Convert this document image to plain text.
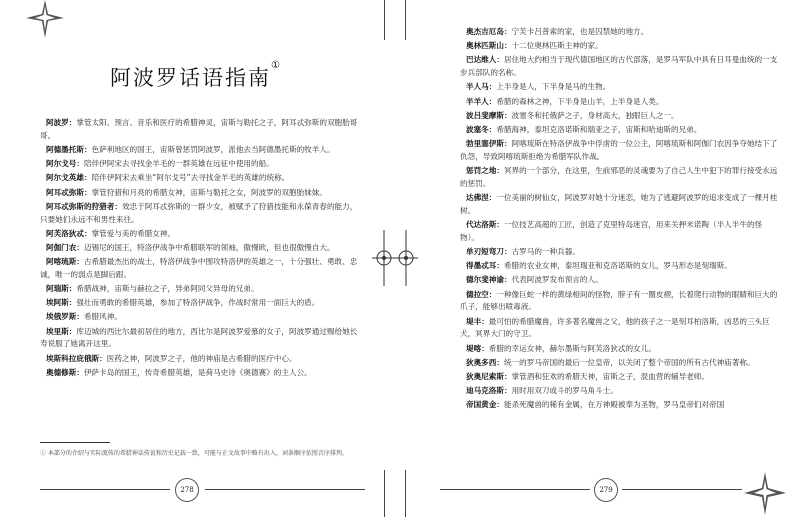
阿波罗话语指南①

阿波罗：掌管太阳、预言、音乐和医疗的希腊神灵，宙斯与勒托之子，阿耳忒弥斯的双胞胎哥哥。

阿德墨托斯：色萨利地区的国王，宙斯曾惩罚阿波罗，派他去当阿德墨托斯的牧羊人。

阿尔戈号：陪伴伊阿宋去寻找金羊毛的一群英雄在远征中使用的船。

阿尔戈英雄：陪伴伊阿宋去乘坐“阿尔戈号”去寻找金羊毛的英雄的统称。

阿耳忒弥斯：掌管狩猎和月亮的希腊女神，宙斯与勒托之女，阿波罗的双胞胎妹妹。

阿耳忒弥斯的狩猎者：效忠于阿耳忒弥斯的一群少女，被赋予了狩猎技能和永葆青春的能力，只要她们永远不和男性来往。

阿芙洛狄忒：掌管爱与美的希腊女神。

阿伽门农：迈锡尼的国王，特洛伊战争中希腊联军的领袖，傲慢欧，但也很傲慢自大。

阿喀琉斯：古希腊最杰出的战士，特洛伊战争中围攻特洛伊的英雄之一，十分强壮、勇敢、忠诚，唯一的弱点是脚后跟。

阿瑞斯：希腊战神，宙斯与赫拉之子，异弟阿同父异母的兄弟。

埃阿斯：强壮而勇敢的希腊英雄，参加了特洛伊战争，作战时常用一面巨大的盾。

埃俄罗斯：希腊风神。

埃里斯：库迈城的西比尔最初居住的地方，西比尔是阿波罗爱慕的女子，阿波罗通过赐给她长寿说服了她离开这里。

埃斯科拉庇俄斯：医药之神，阿波罗之子，他的神庙是古希腊的医疗中心。

奥德修斯：伊萨卡岛的国王，传奇希腊英雄，是荷马史诗《奥德赛》的主人公。

① 本部分的介绍与实际流传的希腊神话传说和历史记载一致，可能与正文故事中略有出入，词条顺序依照音序排列。
278

奥杰吉厄岛：宁芙卡吕普索的家，也是囚禁她的地方。

奥林匹斯山：十二位奥林匹斯主神的家。

巴达维人：居住地大约相当于现代德国地区的古代部落，是罗马军队中具有日耳曼血统的一支步兵部队的名称。

半人马：上半身是人，下半身是马的生物。

半羊人：希腊的森林之神，下半身是山羊，上半身是人类。

波吕斐摩斯：波塞冬和托俄萨之子，身材高大，独眼巨人之一。

波塞冬：希腊海神，泰坦克洛诺斯和瑞亚之子，宙斯和哈迪斯的兄弟。

勃里塞伊斯：阿喀琉斯在特洛伊战争中俘虏的一位公主，阿喀琉斯和阿伽门农因争夺她结下了仇怨，导致阿喀琉斯拒绝为希腊军队作战。

惩罚之地：冥界的一个部分，在这里，生前邪恶的灵魂要为了自己人生中犯下的罪行接受永远的惩罚。

达佛涅：一位美丽的树仙女，阿波罗对她十分迷恋，她为了逃避阿波罗的追求变成了一棵月桂树。

代达洛斯：一位技艺高超的工匠，创造了克里特岛迷宫，用来关押米诺陶（半人半牛的怪物）。

单刃短弯刀：古罗马的一种兵器。

得墨忒耳：希腊的农业女神，泰坦瑞亚和克洛诺斯的女儿，罗马形态是刻瑞斯。

德尔斐神谕：代表阿波罗发布预言的人。

德拉空：一种像巨蛇一样的黄绿相间的怪物，脖子有一圈皮褶，长着爬行动物的眼睛和巨大的爪子，能够出喷毒液。

堤丰：最可怕的希腊魔兽，许多著名魔兽之父，他的孩子之一是刻耳柏洛斯，凶恶的三头巨犬，冥界大门的守卫。

堤喀：希腊的幸运女神，赫尔墨斯与阿芙洛狄忒的女儿。

狄奥多西：统一的罗马帝国的最后一位皇帝，以关闭了整个帝国的所有古代神庙著称。

狄奥尼索斯：掌管酒和狂欢的希腊天神，宙斯之子，混血营的辅导老师。

迪马克洛斯：用时用双刀或斗的罗马角斗士。

帝国黄金：能杀死魔兽的稀有金属，在万神殿被奉为圣物，罗马皇帝们对帝国

279
